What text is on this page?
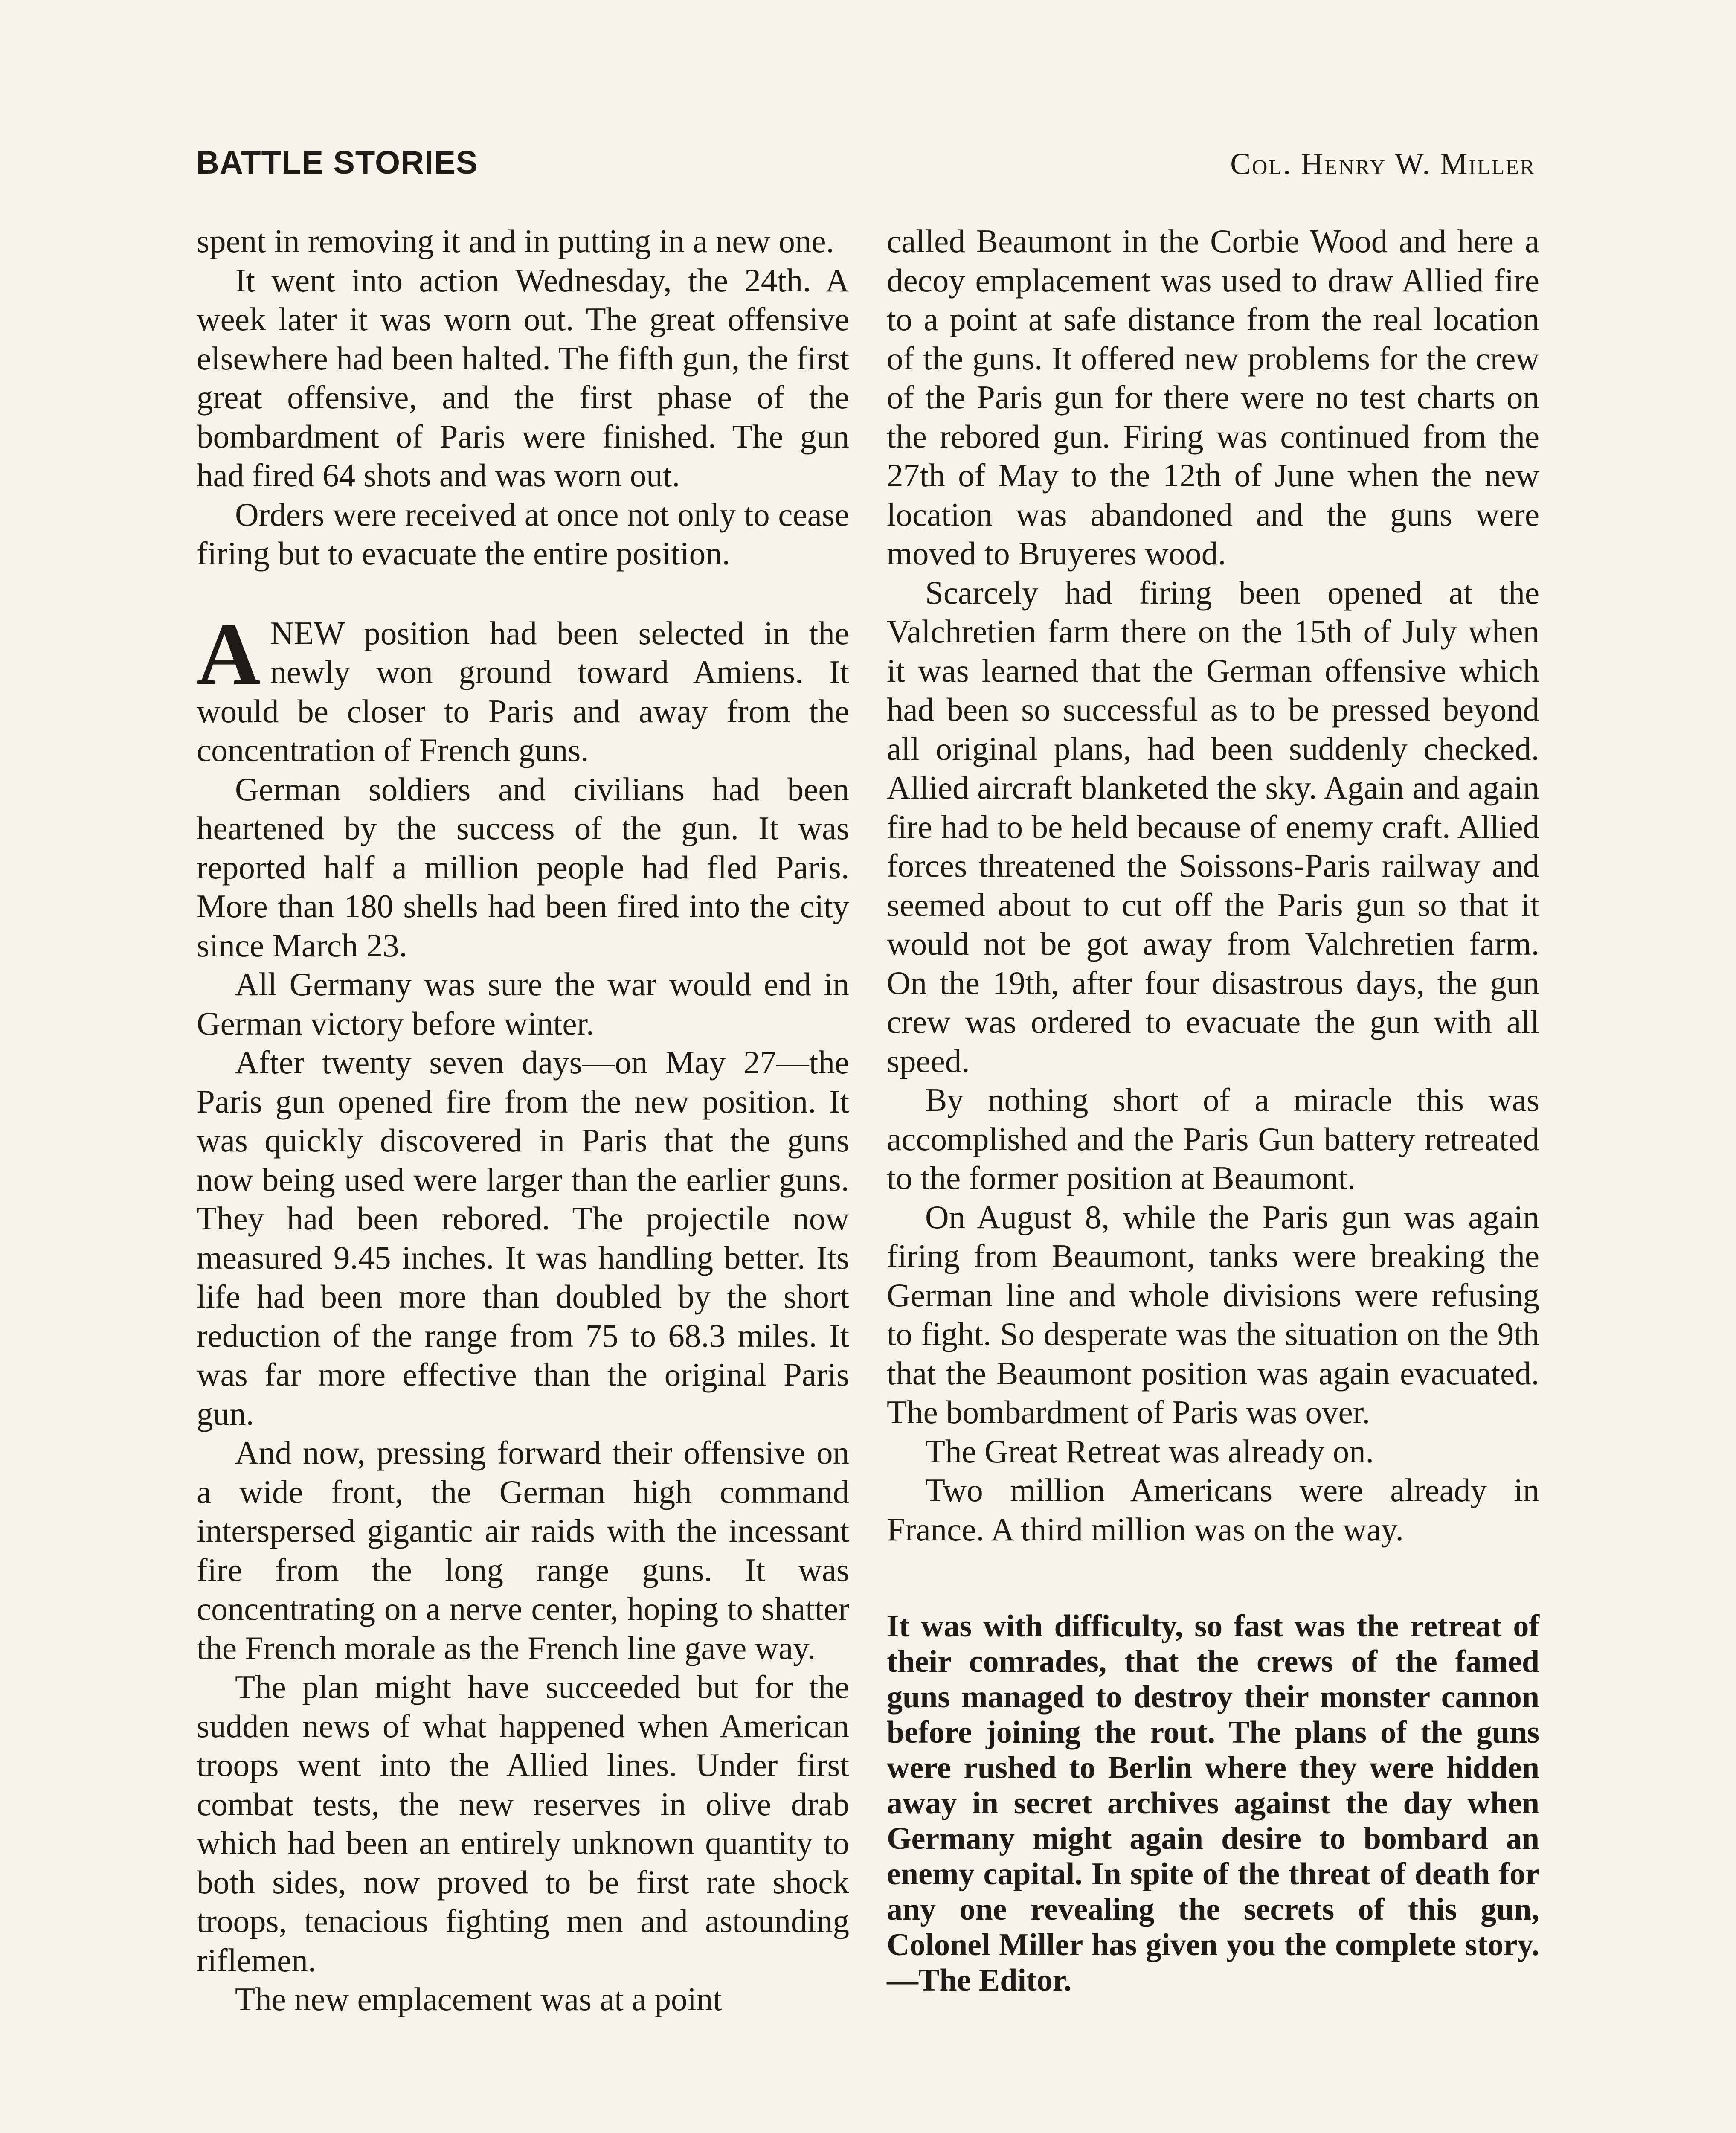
BATTLE STORIES	Col. Henry W. Miller

spent in removing it and in putting in a new one.

It went into action Wednesday, the 24th. A week later it was worn out. The great offensive elsewhere had been halted. The fifth gun, the first great offensive, and the first phase of the bombardment of Paris were finished. The gun had fired 64 shots and was worn out.

Orders were received at once not only to cease firing but to evacuate the entire position.

ANEW position had been selected in the newly won ground toward Amiens. It would be closer to Paris and away from the concentration of French guns.

German soldiers and civilians had been heartened by the success of the gun. It was reported half a million people had fled Paris. More than 180 shells had been fired into the city since March 23.

All Germany was sure the war would end in German victory before winter.

After twenty seven days—on May 27—the Paris gun opened fire from the new position. It was quickly discovered in Paris that the guns now being used were larger than the earlier guns. They had been rebored. The projectile now measured 9.45 inches. It was handling better. Its life had been more than doubled by the short reduction of the range from 75 to 68.3 miles. It was far more effective than the original Paris gun.

And now, pressing forward their offensive on a wide front, the German high command interspersed gigantic air raids with the incessant fire from the long range guns. It was concentrating on a nerve center, hoping to shatter the French morale as the French line gave way.

The plan might have succeeded but for the sudden news of what happened when American troops went into the Allied lines. Under first combat tests, the new reserves in olive drab which had been an entirely unknown quantity to both sides, now proved to be first rate shock troops, tenacious fighting men and astounding riflemen.

The new emplacement was at a point

called Beaumont in the Corbie Wood and here a decoy emplacement was used to draw Allied fire to a point at safe distance from the real location of the guns. It offered new problems for the crew of the Paris gun for there were no test charts on the rebored gun. Firing was continued from the 27th of May to the 12th of June when the new location was abandoned and the guns were moved to Bruyeres wood.

Scarcely had firing been opened at the Valchretien farm there on the 15th of July when it was learned that the German offensive which had been so successful as to be pressed beyond all original plans, had been suddenly checked. Allied aircraft blanketed the sky. Again and again fire had to be held because of enemy craft. Allied forces threatened the Soissons-Paris railway and seemed about to cut off the Paris gun so that it would not be got away from Valchretien farm. On the 19th, after four disastrous days, the gun crew was ordered to evacuate the gun with all speed.

By nothing short of a miracle this was accomplished and the Paris Gun battery retreated to the former position at Beaumont.

On August 8, while the Paris gun was again firing from Beaumont, tanks were breaking the German line and whole divisions were refusing to fight. So desperate was the situation on the 9th that the Beaumont position was again evacuated. The bombardment of Paris was over.

The Great Retreat was already on.

Two million Americans were already in France. A third million was on the way.

It was with difficulty, so fast was the retreat of their comrades, that the crews of the famed guns managed to destroy their monster cannon before joining the rout. The plans of the guns were rushed to Berlin where they were hidden away in secret archives against the day when Germany might again desire to bombard an enemy capital. In spite of the threat of death for any one revealing the secrets of this gun, Colonel Miller has given you the complete story.—The Editor.
